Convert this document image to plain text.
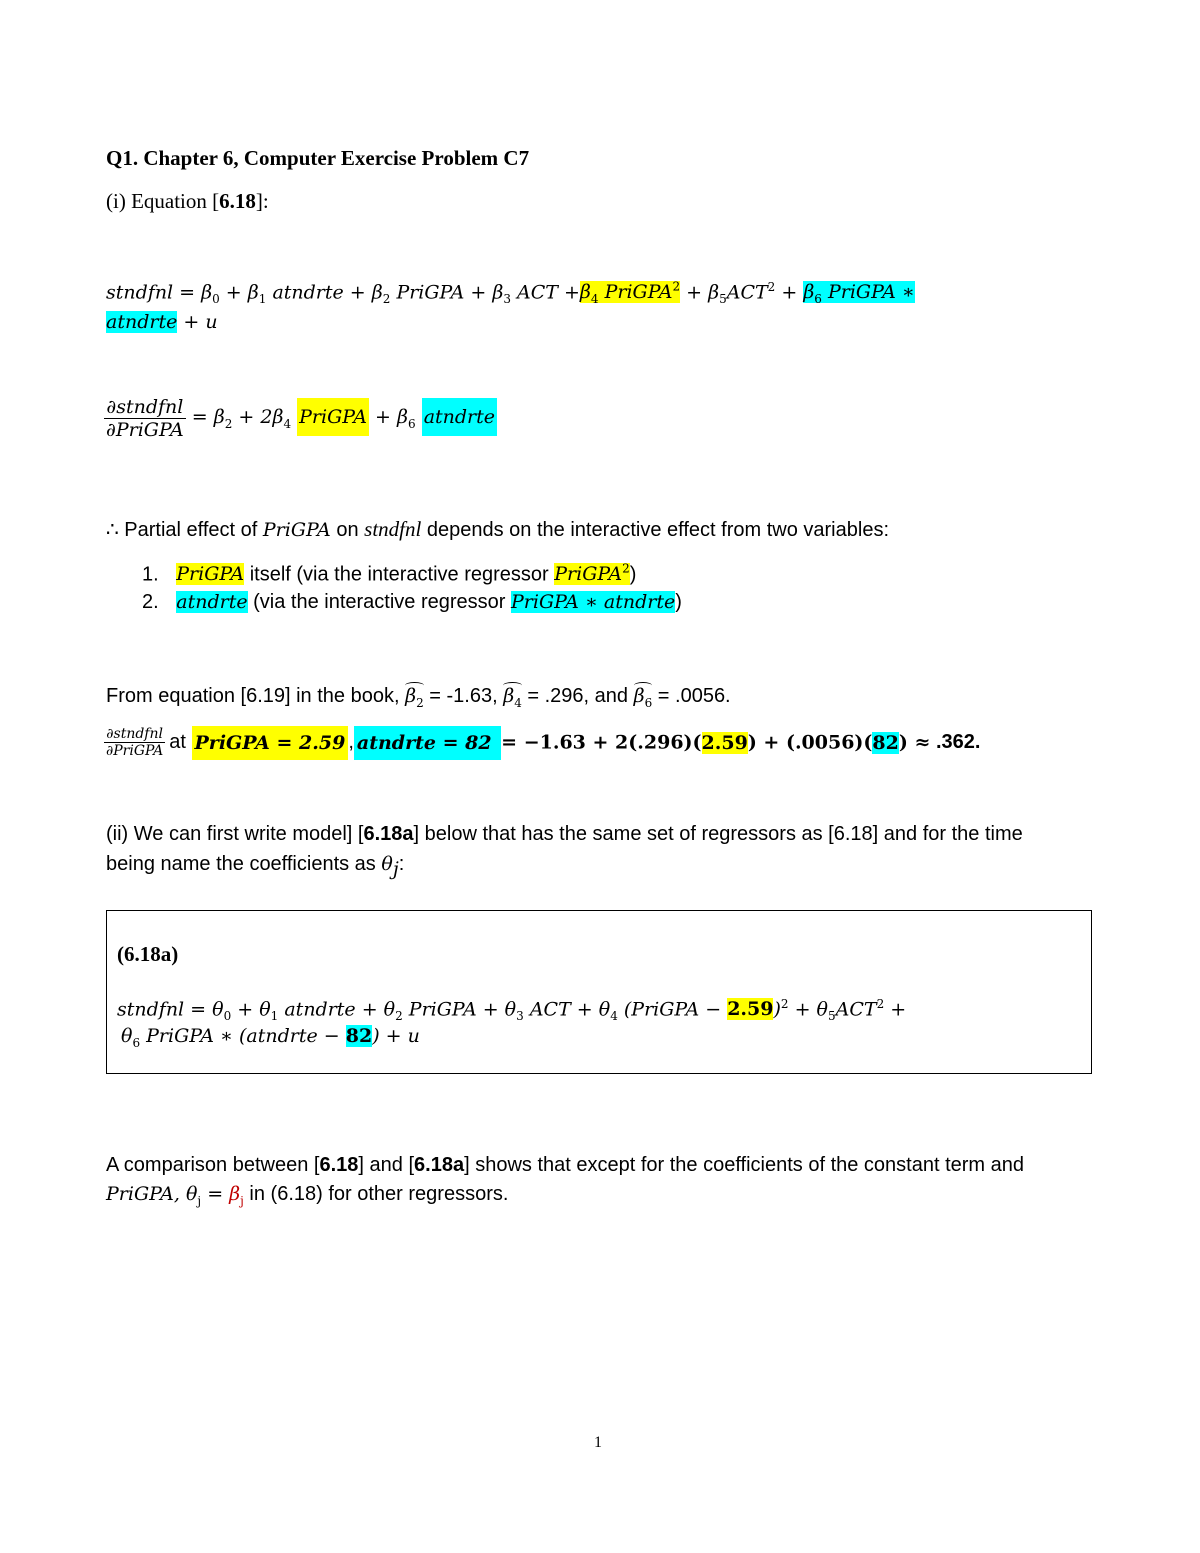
Q1. Chapter 6, Computer Exercise Problem C7
(i) Equation [6.18]:
stndfnl = $\beta_0 + \beta_1$ atndrte + $\beta_2$ PriGPA + $\beta_3$ ACT $+\beta_4$ PriGPA$^2$ + $\beta_5ACT^2 + \beta_6$ PriGPA ∗
atndrte + u
$\frac{\text{∂stndfnl}}{\text{∂PriGPA}} = \beta_2 + 2\beta_4$ PriGPA + $\beta_6$ atndrte
∴ Partial effect of PriGPA on stndfnl depends on the interactive effect from two variables:
1. PriGPA itself (via the interactive regressor PriGPA$^2$)
2. atndrte (via the interactive regressor PriGPA ∗ atndrte)
From equation [6.19] in the book, $\beta_2 = -1.63$, $\beta_4 = .296$, and $\beta_6 = .0056$.
$\frac{\text{∂stndfnl}}{\text{∂PriGPA}}$ at PriGPA = 2.59 , atndrte = 82 = −1.63 + 2(.296)(2.59) + (.0056)(82) ≈ .362.
(ii) We can first write model] [6.18a] below that has the same set of regressors as [6.18] and for the time
being name the coefficients as $\theta_j$:
(6.18a)
stndfnl = $\theta_0 + \theta_1$ atndrte + $\theta_2$ PriGPA + $\theta_3$ ACT + $\theta_4$ (PriGPA − $2.59)^2 + \theta_5ACT^2$ +
$\theta_6$ PriGPA ∗ (atndrte − 82) + u
A comparison between [6.18] and [6.18a] shows that except for the coefficients of the constant term and
PriGPA, $\theta_j = \beta_j$ in (6.18) for other regressors.
1
